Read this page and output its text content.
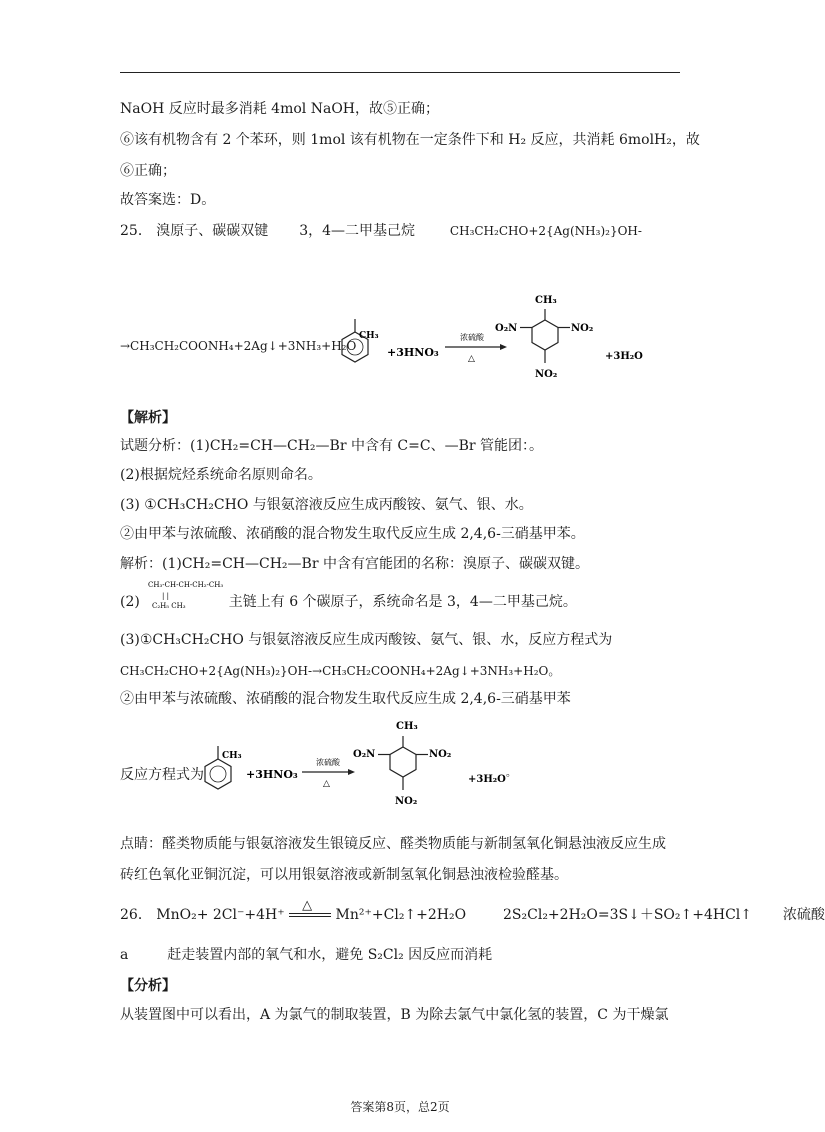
NaOH 反应时最多消耗 4mol NaOH，故⑤正确；
⑥该有机物含有 2 个苯环，则 1mol 该有机物在一定条件下和 H₂ 反应，共消耗 6molH₂，故
⑥正确；
故答案选：D。
25． 溴原子、碳碳双键 3，4—二甲基己烷	CH₃CH₂CHO+2{Ag(NH₃)₂}OH-
→CH₃CH₂COONH₄+2Ag↓+3NH₃+H₂O
CH₃
+3HNO₃
浓硫酸
△
CH₃
O₂N	NO₂
NO₂
+3H₂O
【解析】
试题分析：(1)CH₂=CH—CH₂—Br 中含有 C=C、—Br 管能团：。
(2)根据烷烃系统命名原则命名。
(3) ①CH₃CH₂CHO 与银氨溶液反应生成丙酸铵、氨气、银、水。
②由甲苯与浓硫酸、浓硝酸的混合物发生取代反应生成 2,4,6-三硝基甲苯。
解析：(1)CH₂=CH—CH₂—Br 中含有宫能团的名称：溴原子、碳碳双键。
(2)	主链上有 6 个碳原子，系统命名是 3，4—二甲基己烷。
CH₃-CH-CH-CH₂-CH₃
| |
C₂H₅ CH₃
(3)①CH₃CH₂CHO 与银氨溶液反应生成丙酸铵、氨气、银、水，反应方程式为
CH₃CH₂CHO+2{Ag(NH₃)₂}OH-→CH₃CH₂COONH₄+2Ag↓+3NH₃+H₂O。
②由甲苯与浓硫酸、浓硝酸的混合物发生取代反应生成 2,4,6-三硝基甲苯
反应方程式为
CH₃
+3HNO₃
浓硫酸
△
CH₃
O₂N	NO₂
NO₂
+3H₂O
。
点睛：醛类物质能与银氨溶液发生银镜反应、醛类物质能与新制氢氧化铜悬浊液反应生成
砖红色氧化亚铜沉淀，可以用银氨溶液或新制氢氧化铜悬浊液检验醛基。
26． MnO₂+ 2Cl⁻+4H⁺
△
Mn²⁺+Cl₂↑+2H₂O	2S₂Cl₂+2H₂O=3S↓＋SO₂↑+4HCl↑ 浓硫酸
a	赶走装置内部的氧气和水，避免 S₂Cl₂ 因反应而消耗
【分析】
从装置图中可以看出，A 为氯气的制取装置，B 为除去氯气中氯化氢的装置，C 为干燥氯
答案第8页，总2页
